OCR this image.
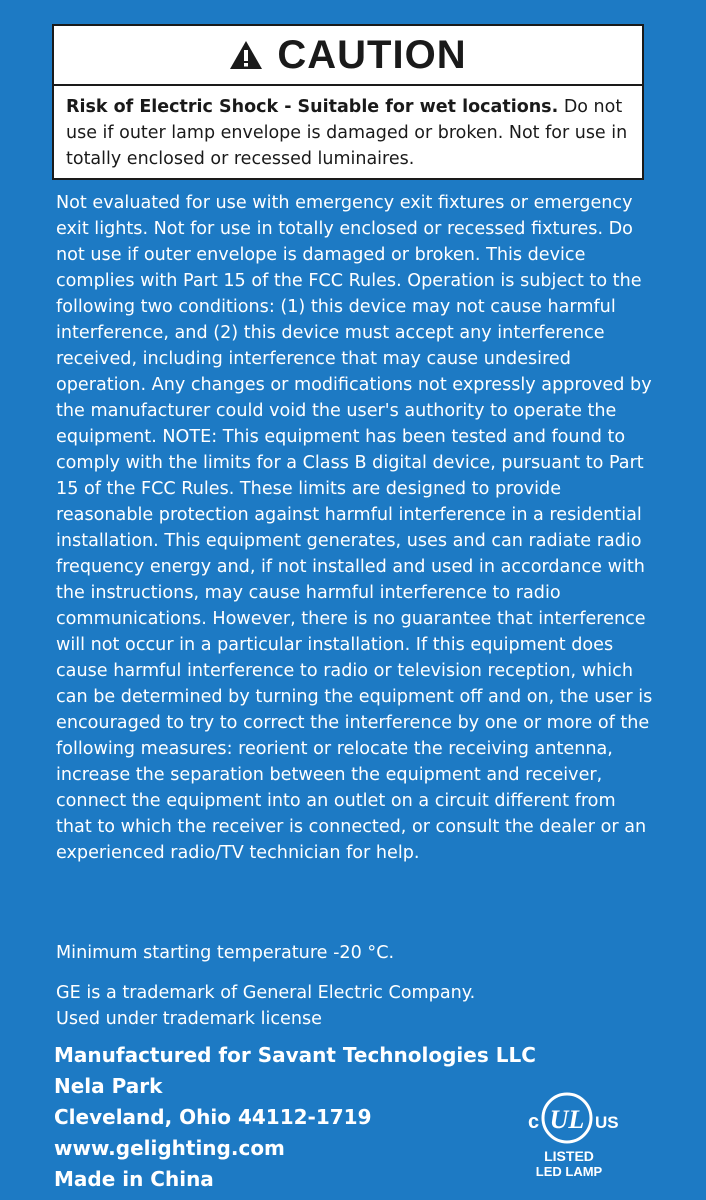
CAUTION
Risk of Electric Shock - Suitable for wet locations. Do not use if outer lamp envelope is damaged or broken. Not for use in totally enclosed or recessed luminaires.

Not evaluated for use with emergency exit fixtures or emergency exit lights. Not for use in totally enclosed or recessed fixtures. Do not use if outer envelope is damaged or broken. This device complies with Part 15 of the FCC Rules. Operation is subject to the following two conditions: (1) this device may not cause harmful interference, and (2) this device must accept any interference received, including interference that may cause undesired operation. Any changes or modifications not expressly approved by the manufacturer could void the user's authority to operate the equipment. NOTE: This equipment has been tested and found to comply with the limits for a Class B digital device, pursuant to Part 15 of the FCC Rules. These limits are designed to provide reasonable protection against harmful interference in a residential installation. This equipment generates, uses and can radiate radio frequency energy and, if not installed and used in accordance with the instructions, may cause harmful interference to radio communications. However, there is no guarantee that interference will not occur in a particular installation. If this equipment does cause harmful interference to radio or television reception, which can be determined by turning the equipment off and on, the user is encouraged to try to correct the interference by one or more of the following measures: reorient or relocate the receiving antenna, increase the separation between the equipment and receiver, connect the equipment into an outlet on a circuit different from that to which the receiver is connected, or consult the dealer or an experienced radio/TV technician for help.

Minimum starting temperature -20 °C.

GE is a trademark of General Electric Company.
Used under trademark license

Manufactured for Savant Technologies LLC
Nela Park
Cleveland, Ohio 44112-1719
www.gelighting.com
Made in China
c UL US
LISTED
LED LAMP
